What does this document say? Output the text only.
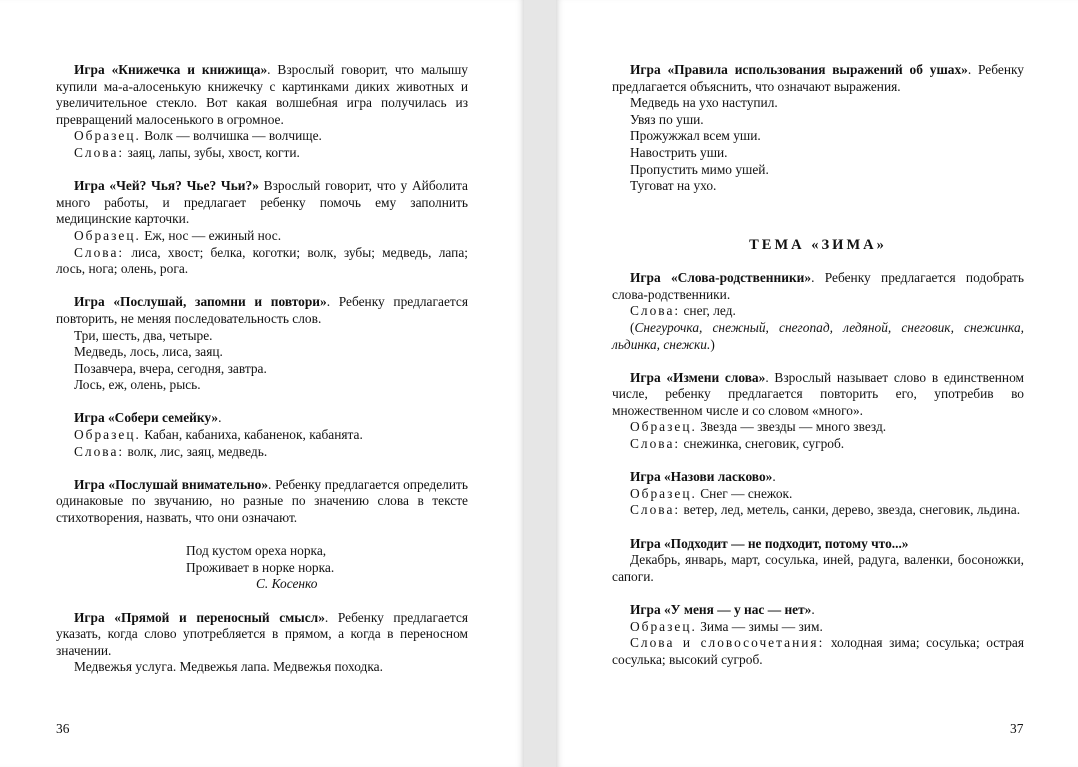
Игра «Книжечка и книжища». Взрослый говорит, что малышу купили ма-а-алосенькую книжечку с картинками диких животных и увеличительное стекло. Вот какая волшебная игра получилась из превращений малосенького в огромное.

Образец. Волк — волчишка — волчище.

Слова: заяц, лапы, зубы, хвост, когти.

Игра «Чей? Чья? Чье? Чьи?» Взрослый говорит, что у Айболита много работы, и предлагает ребенку помочь ему заполнить медицинские карточки.

Образец. Еж, нос — ежиный нос.

Слова: лиса, хвост; белка, коготки; волк, зубы; медведь, лапа; лось, нога; олень, рога.

Игра «Послушай, запомни и повтори». Ребенку предлагается повторить, не меняя последовательность слов.

Три, шесть, два, четыре.

Медведь, лось, лиса, заяц.

Позавчера, вчера, сегодня, завтра.

Лось, еж, олень, рысь.

Игра «Собери семейку».

Образец. Кабан, кабаниха, кабаненок, кабанята.

Слова: волк, лис, заяц, медведь.

Игра «Послушай внимательно». Ребенку предлагается определить одинаковые по звучанию, но разные по значению слова в тексте стихотворения, назвать, что они означают.

Под кустом ореха норка,

Проживает в норке норка.

С. Косенко

Игра «Прямой и переносный смысл». Ребенку предлагается указать, когда слово употребляется в прямом, а когда в переносном значении.

Медвежья услуга. Медвежья лапа. Медвежья походка.

36

Игра «Правила использования выражений об ушах». Ребенку предлагается объяснить, что означают выражения.

Медведь на ухо наступил.

Увяз по уши.

Прожужжал всем уши.

Навострить уши.

Пропустить мимо ушей.

Туговат на ухо.

ТЕМА «ЗИМА»

Игра «Слова-родственники». Ребенку предлагается подобрать слова-родственники.

Слова: снег, лед.

(Снегурочка, снежный, снегопад, ледяной, снеговик, снежинка, льдинка, снежки.)

Игра «Измени слова». Взрослый называет слово в единственном числе, ребенку предлагается повторить его, употребив во множественном числе и со словом «много».

Образец. Звезда — звезды — много звезд.

Слова: снежинка, снеговик, сугроб.

Игра «Назови ласково».

Образец. Снег — снежок.

Слова: ветер, лед, метель, санки, дерево, звезда, снеговик, льдина.

Игра «Подходит — не подходит, потому что...»

Декабрь, январь, март, сосулька, иней, радуга, валенки, босоножки, сапоги.

Игра «У меня — у нас — нет».

Образец. Зима — зимы — зим.

Слова и словосочетания: холодная зима; сосулька; острая сосулька; высокий сугроб.

37
